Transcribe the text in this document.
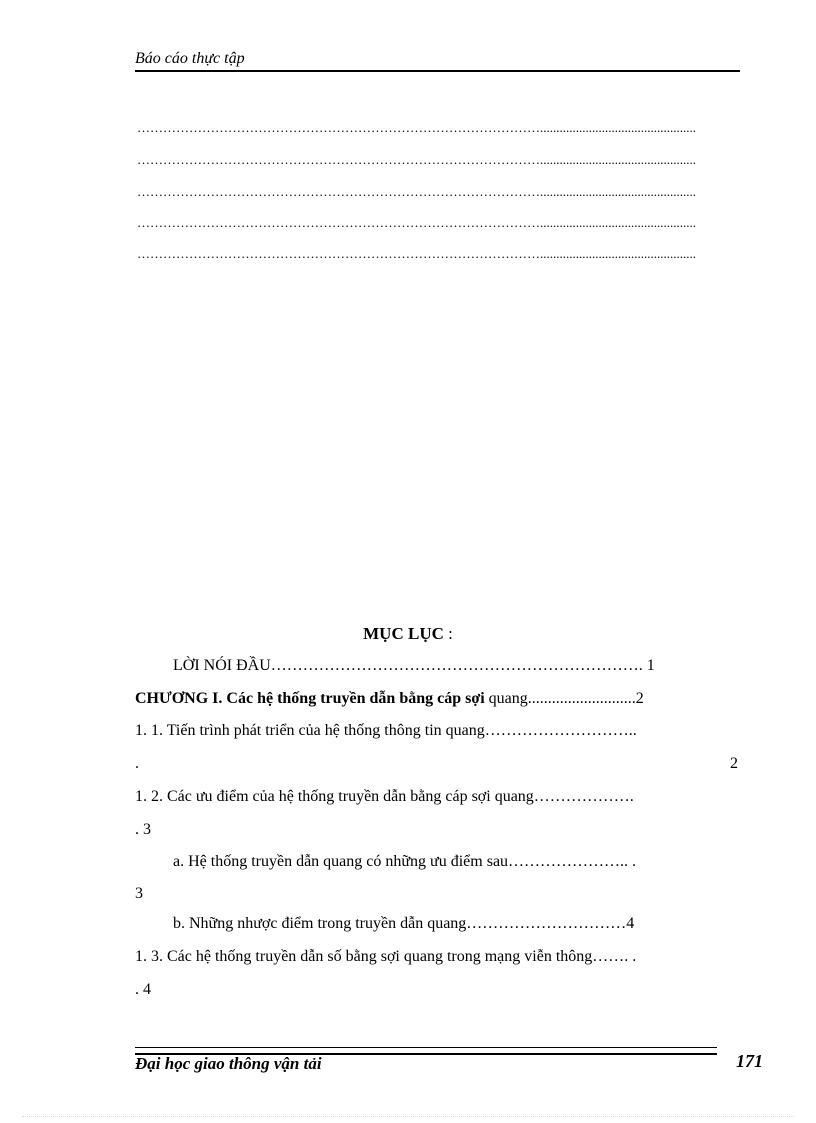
Báo cáo thực tập
…………………………………………………………………………………................................................
…………………………………………………………………………………................................................
…………………………………………………………………………………................................................
…………………………………………………………………………………................................................
…………………………………………………………………………………................................................
MỤC LỤC :
LỜI NÓI ĐẦU……………………………………………………………. 1
CHƯƠNG I. Các hệ thống truyền dẫn bằng cáp sợi quang...........................2
1. 1. Tiến trình phát triển của hệ thống thông tin quang………………………..
.	2
1. 2. Các ưu điểm của hệ thống truyền dẫn bằng cáp sợi quang……………….
. 3
a. Hệ thống truyền dẫn quang có những ưu điểm sau………………….. .
3
b. Những nhược điểm trong truyền dẫn quang…………………………4
1. 3. Các hệ thống truyền dẫn số bằng sợi quang trong mạng viễn thông……. .
. 4
Đại học giao thông vận tải	171
